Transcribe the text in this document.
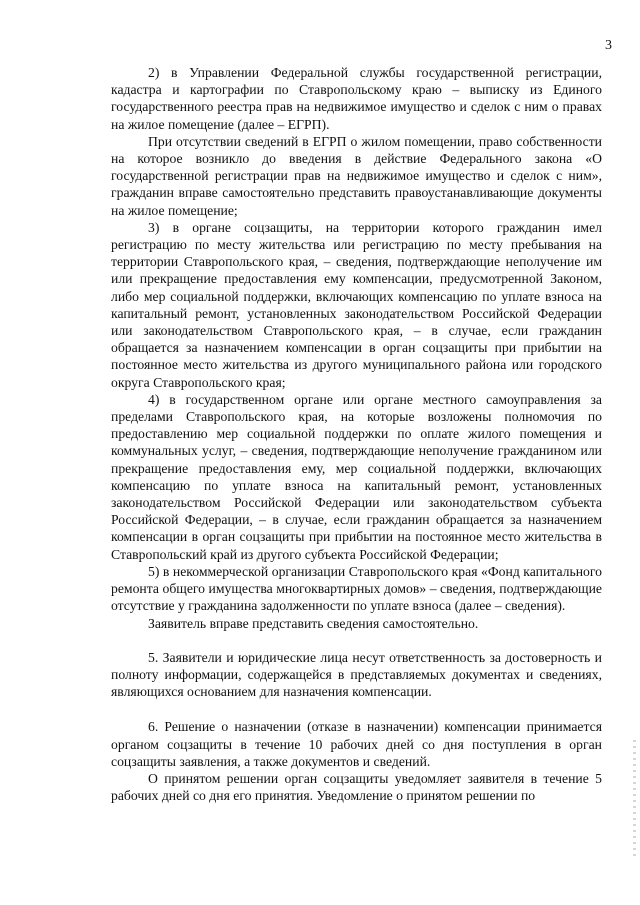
3

2) в Управлении Федеральной службы государственной регистрации, кадастра и картографии по Ставропольскому краю – выписку из Единого государственного реестра прав на недвижимое имущество и сделок с ним о правах на жилое помещение (далее – ЕГРП).

При отсутствии сведений в ЕГРП о жилом помещении, право собственности на которое возникло до введения в действие Федерального закона «О государственной регистрации прав на недвижимое имущество и сделок с ним», гражданин вправе самостоятельно представить правоустанавливающие документы на жилое помещение;

3) в органе соцзащиты, на территории которого гражданин имел регистрацию по месту жительства или регистрацию по месту пребывания на территории Ставропольского края, – сведения, подтверждающие неполучение им или прекращение предоставления ему компенсации, предусмотренной Законом, либо мер социальной поддержки, включающих компенсацию по уплате взноса на капитальный ремонт, установленных законодательством Российской Федерации или законодательством Ставропольского края, – в случае, если гражданин обращается за назначением компенсации в орган соцзащиты при прибытии на постоянное место жительства из другого муниципального района или городского округа Ставропольского края;

4) в государственном органе или органе местного самоуправления за пределами Ставропольского края, на которые возложены полномочия по предоставлению мер социальной поддержки по оплате жилого помещения и коммунальных услуг, – сведения, подтверждающие неполучение гражданином или прекращение предоставления ему, мер социальной поддержки, включающих компенсацию по уплате взноса на капитальный ремонт, установленных законодательством Российской Федерации или законодательством субъекта Российской Федерации, – в случае, если гражданин обращается за назначением компенсации в орган соцзащиты при прибытии на постоянное место жительства в Ставропольский край из другого субъекта Российской Федерации;

5) в некоммерческой организации Ставропольского края «Фонд капитального ремонта общего имущества многоквартирных домов» – сведения, подтверждающие отсутствие у гражданина задолженности по уплате взноса (далее – сведения).

Заявитель вправе представить сведения самостоятельно.

5. Заявители и юридические лица несут ответственность за достоверность и полноту информации, содержащейся в представляемых документах и сведениях, являющихся основанием для назначения компенсации.

6. Решение о назначении (отказе в назначении) компенсации принимается органом соцзащиты в течение 10 рабочих дней со дня поступления в орган соцзащиты заявления, а также документов и сведений.

О принятом решении орган соцзащиты уведомляет заявителя в течение 5 рабочих дней со дня его принятия. Уведомление о принятом решении по
